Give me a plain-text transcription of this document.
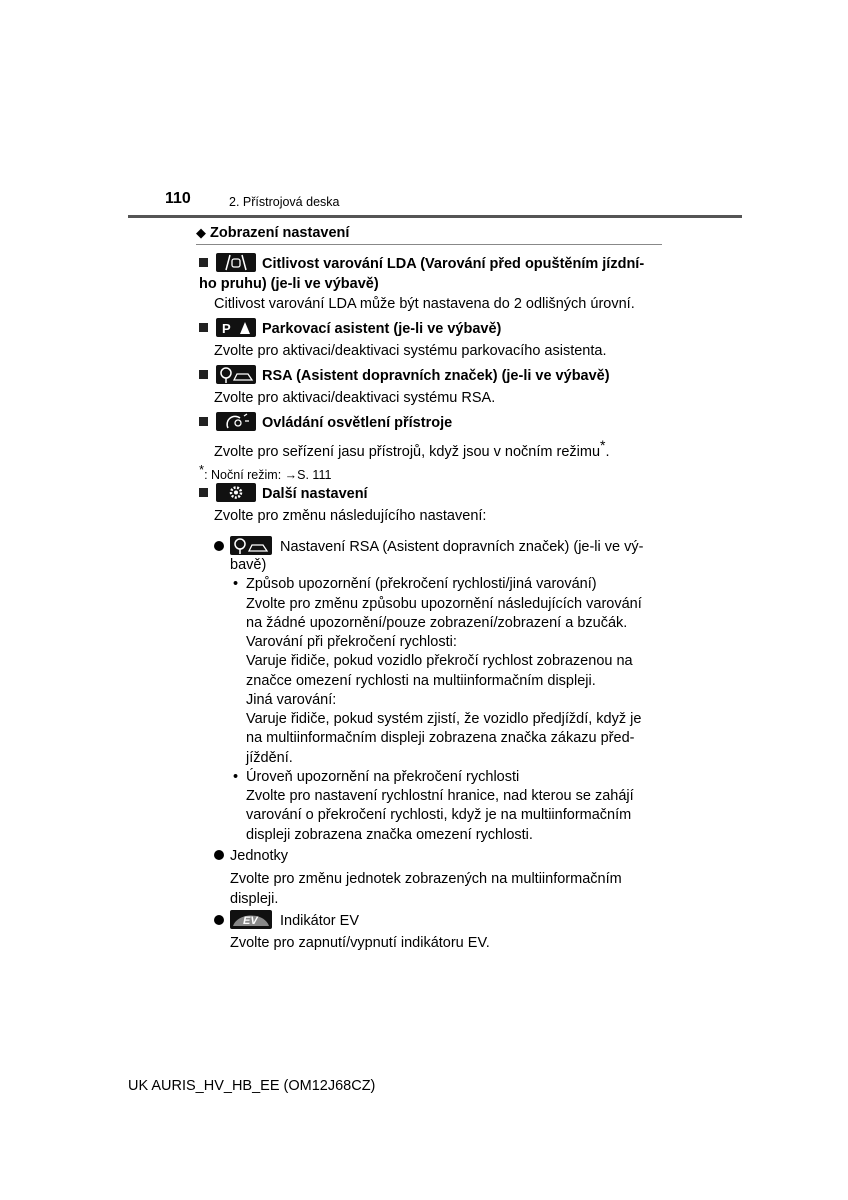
110	2. Přístrojová deska
◆ Zobrazení nastavení
Citlivost varování LDA (Varování před opuštěním jízdní-
ho pruhu) (je-li ve výbavě)
Citlivost varování LDA může být nastavena do 2 odlišných úrovní.
P Parkovací asistent (je-li ve výbavě)
Zvolte pro aktivaci/deaktivaci systému parkovacího asistenta.
RSA (Asistent dopravních značek) (je-li ve výbavě)
Zvolte pro aktivaci/deaktivaci systému RSA.
Ovládání osvětlení přístroje
Zvolte pro seřízení jasu přístrojů, když jsou v nočním režimu*.
*: Noční režim: →S. 111
Další nastavení
Zvolte pro změnu následujícího nastavení:
Nastavení RSA (Asistent dopravních značek) (je-li ve vý-
bavě)
• Způsob upozornění (překročení rychlosti/jiná varování)
Zvolte pro změnu způsobu upozornění následujících varování
na žádné upozornění/pouze zobrazení/zobrazení a bzučák.
Varování při překročení rychlosti:
Varuje řidiče, pokud vozidlo překročí rychlost zobrazenou na
značce omezení rychlosti na multiinformačním displeji.
Jiná varování:
Varuje řidiče, pokud systém zjistí, že vozidlo předjíždí, když je
na multiinformačním displeji zobrazena značka zákazu před-
jíždění.
• Úroveň upozornění na překročení rychlosti
Zvolte pro nastavení rychlostní hranice, nad kterou se zahájí
varování o překročení rychlosti, když je na multiinformačním
displeji zobrazena značka omezení rychlosti.
Jednotky
Zvolte pro změnu jednotek zobrazených na multiinformačním
displeji.
EV Indikátor EV
Zvolte pro zapnutí/vypnutí indikátoru EV.
UK AURIS_HV_HB_EE (OM12J68CZ)
